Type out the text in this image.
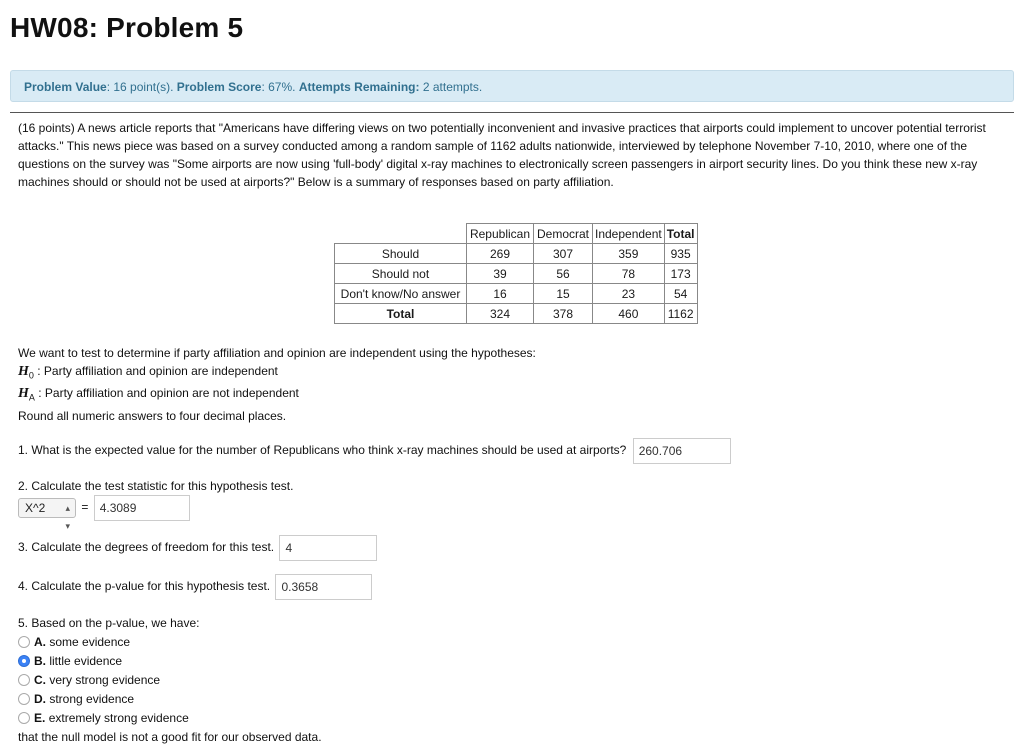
HW08: Problem 5
Problem Value: 16 point(s). Problem Score: 67%. Attempts Remaining: 2 attempts.
(16 points) A news article reports that "Americans have differing views on two potentially inconvenient and invasive practices that airports could implement to uncover potential terrorist attacks." This news piece was based on a survey conducted among a random sample of 1162 adults nationwide, interviewed by telephone November 7-10, 2010, where one of the questions on the survey was "Some airports are now using 'full-body' digital x-ray machines to electronically screen passengers in airport security lines. Do you think these new x-ray machines should or should not be used at airports?" Below is a summary of responses based on party affiliation.
	Republican	Democrat	Independent	Total
Should	269	307	359	935
Should not	39	56	78	173
Don't know/No answer	16	15	23	54
Total	324	378	460	1162
We want to test to determine if party affiliation and opinion are independent using the hypotheses:
$H_0$ : Party affiliation and opinion are independent
$H_A$ : Party affiliation and opinion are not independent
Round all numeric answers to four decimal places.
1. What is the expected value for the number of Republicans who think x-ray machines should be used at airports? 260.706
2. Calculate the test statistic for this hypothesis test.
X^2 ▴
▾
= 4.3089
3. Calculate the degrees of freedom for this test. 4
4. Calculate the p-value for this hypothesis test. 0.3658
5. Based on the p-value, we have:
A. some evidence
B. little evidence
C. very strong evidence
D. strong evidence
E. extremely strong evidence
that the null model is not a good fit for our observed data.
